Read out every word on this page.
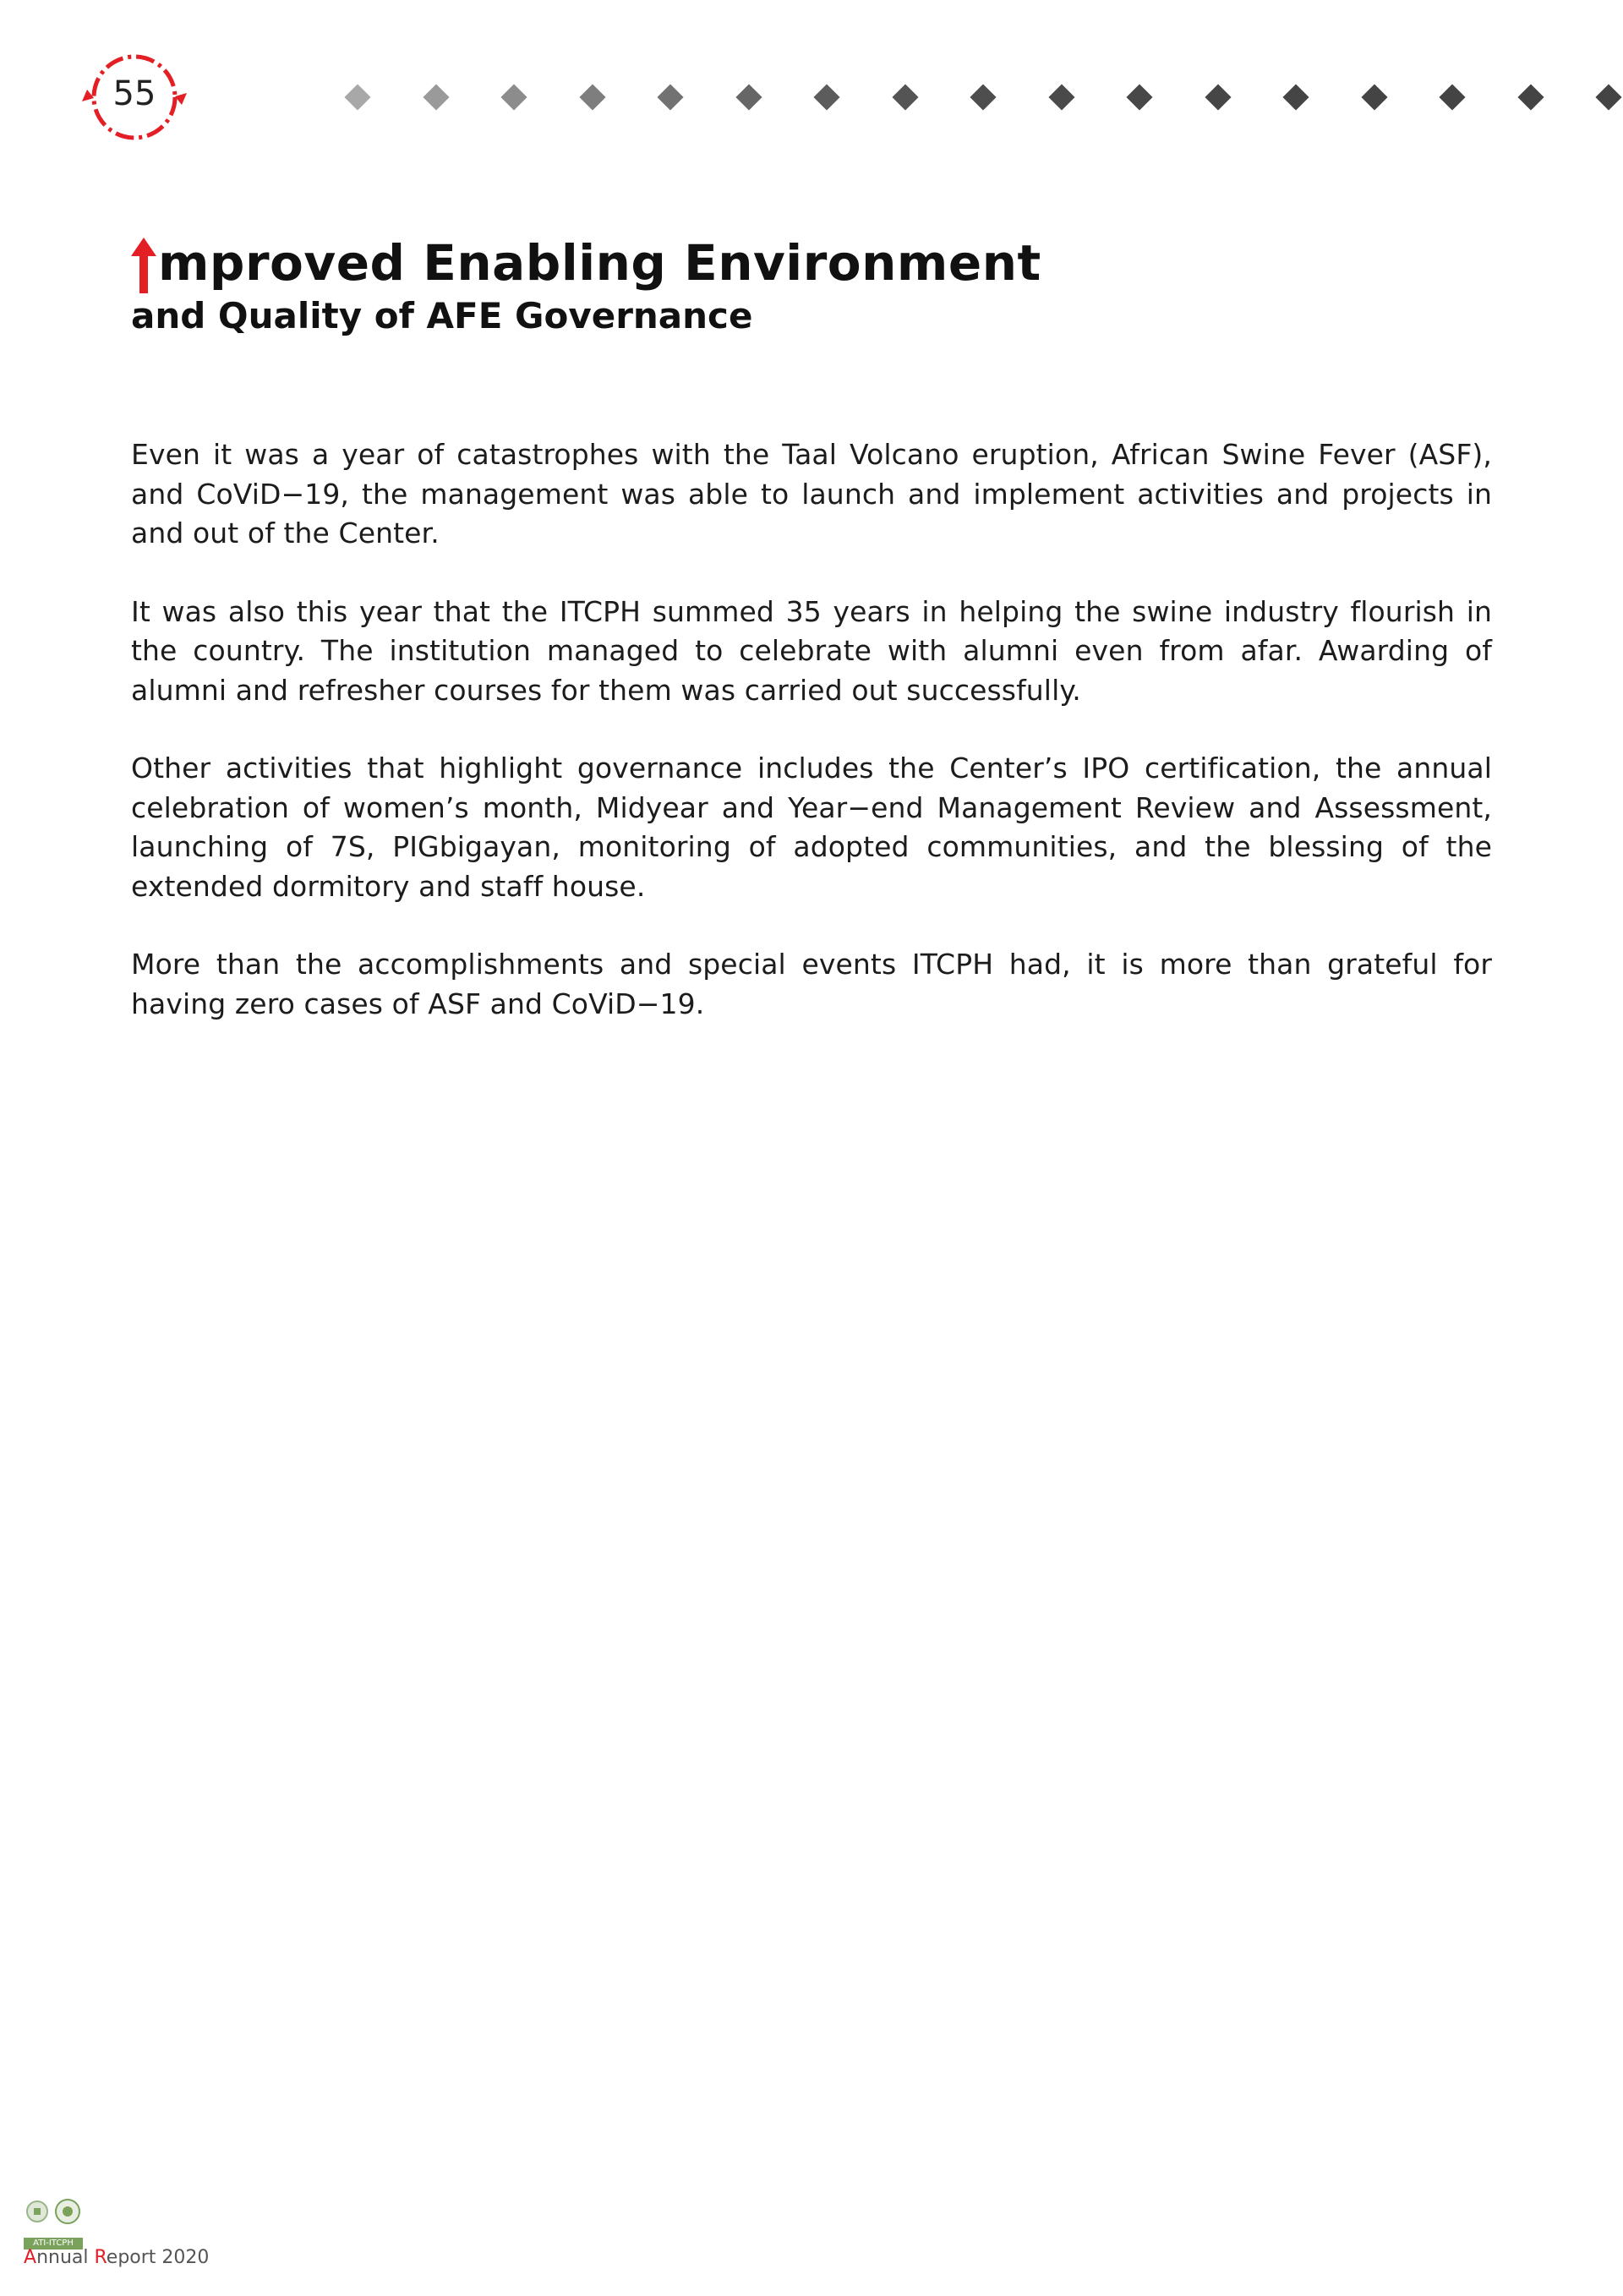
55
mproved Enabling Environment
and Quality of AFE Governance

Even it was a year of catastrophes with the Taal Volcano eruption, African Swine Fever (ASF), and CoViD−19, the management was able to launch and implement activities and projects in and out of the Center.

It was also this year that the ITCPH summed 35 years in helping the swine industry flourish in the country. The institution managed to celebrate with alumni even from afar. Awarding of alumni and refresher courses for them was carried out successfully.

Other activities that highlight governance includes the Center’s IPO certification, the annual celebration of women’s month, Midyear and Year−end Management Review and Assessment, launching of 7S, PIGbigayan, monitoring of adopted communities, and the blessing of the extended dormitory and staff house.

More than the accomplishments and special events ITCPH had, it is more than grateful for having zero cases of ASF and CoViD−19.

ATI-ITCPH
Annual Report 2020
